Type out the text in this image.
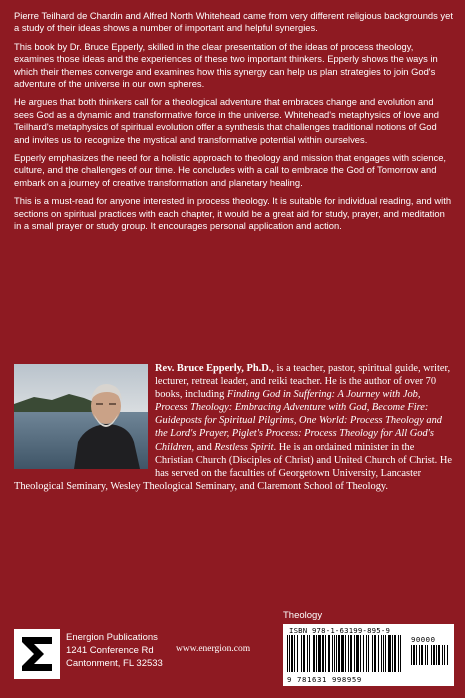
Pierre Teilhard de Chardin and Alfred North Whitehead came from very different religious backgrounds yet a study of their ideas shows a number of important and helpful synergies.

This book by Dr. Bruce Epperly, skilled in the clear presentation of the ideas of process theology, examines those ideas and the experiences of these two important thinkers. Epperly shows the ways in which their themes converge and examines how this synergy can help us plan strategies to join God's adventure of the universe in our own spheres.

He argues that both thinkers call for a theological adventure that embraces change and evolution and sees God as a dynamic and transformative force in the universe. Whitehead's metaphysics of love and Teilhard's metaphysics of spiritual evolution offer a synthesis that challenges traditional notions of God and invites us to recognize the mystical and transformative potential within ourselves.

Epperly emphasizes the need for a holistic approach to theology and mission that engages with science, culture, and the challenges of our time. He concludes with a call to embrace the God of Tomorrow and embark on a journey of creative transformation and planetary healing.

This is a must-read for anyone interested in process theology. It is suitable for individual reading, and with sections on spiritual practices with each chapter, it would be a great aid for study, prayer, and meditation in a small prayer or study group. It encourages personal application and action.

Rev. Bruce Epperly, Ph.D., is a teacher, pastor, spiritual guide, writer, lecturer, retreat leader, and reiki teacher. He is the author of over 70 books, including Finding God in Suffering: A Journey with Job, Process Theology: Embracing Adventure with God, Become Fire: Guideposts for Spiritual Pilgrims, One World: Process Theology and the Lord's Prayer, Piglet's Process: Process Theology for All God's Children, and Restless Spirit. He is an ordained minister in the Christian Church (Disciples of Christ) and United Church of Christ. He has served on the faculties of Georgetown University, Lancaster Theological Seminary, Wesley Theological Seminary, and Claremont School of Theology.
Theology
ISBN 978-1-63199-895-9
90000
9 781631 998959
Energion Publications
1241 Conference Rd
Cantonment, FL 32533
www.energion.com
